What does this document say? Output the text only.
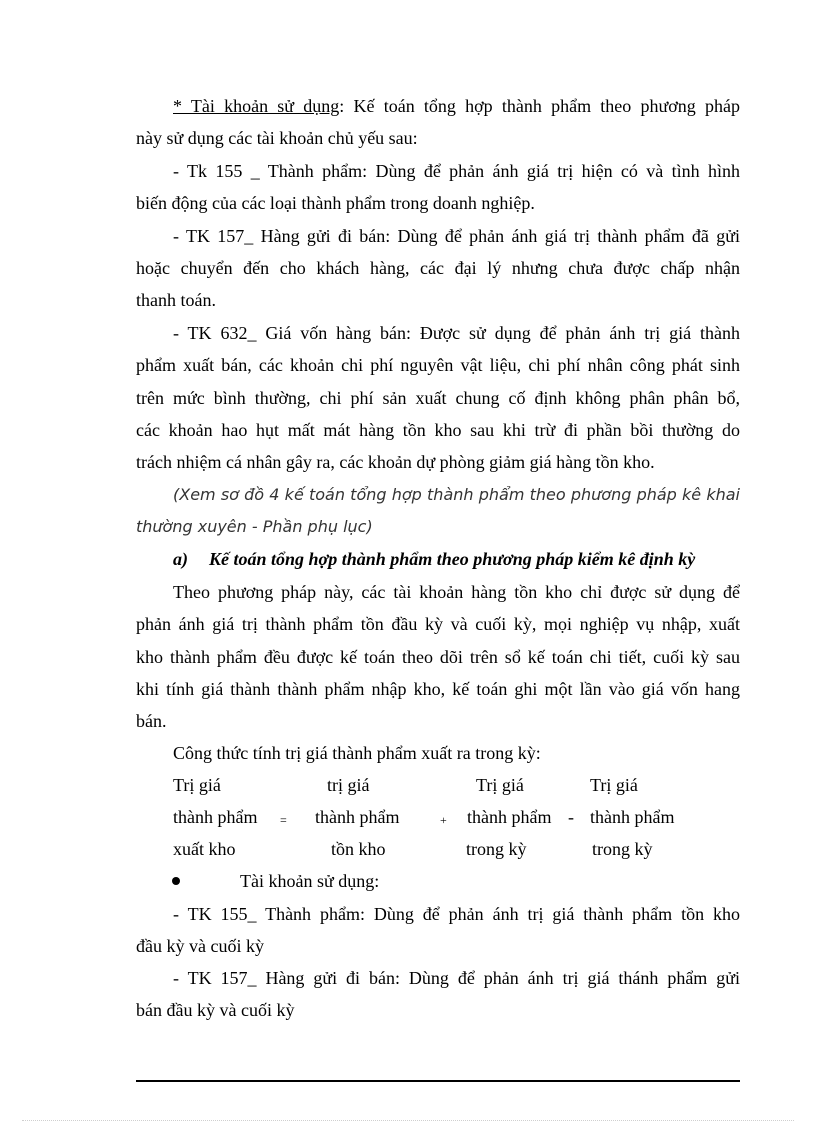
* Tài khoản sử dụng: Kế toán tổng hợp thành phẩm theo phương pháp
này sử dụng các tài khoản chủ yếu sau:
- Tk 155 _ Thành phẩm: Dùng để phản ánh giá trị hiện có và tình hình
biến động của các loại thành phẩm trong doanh nghiệp.
- TK 157_ Hàng gửi đi bán: Dùng để phản ánh giá trị thành phẩm đã gửi
hoặc chuyển đến cho khách hàng, các đại lý nhưng chưa được chấp nhận
thanh toán.
- TK 632_ Giá vốn hàng bán: Được sử dụng để phản ánh trị giá thành
phẩm xuất bán, các khoản chi phí nguyên vật liệu, chi phí nhân công phát sinh
trên mức bình thường, chi phí sản xuất chung cố định không phân phân bổ,
các khoản hao hụt mất mát hàng tồn kho sau khi trừ đi phần bồi thường do
trách nhiệm cá nhân gây ra, các khoản dự phòng giảm giá hàng tồn kho.
(Xem sơ đồ 4 kế toán tổng hợp thành phẩm theo phương pháp kê khai
thường xuyên - Phần phụ lục)
a) Kế toán tổng hợp thành phẩm theo phương pháp kiểm kê định kỳ
Theo phương pháp này, các tài khoản hàng tồn kho chỉ được sử dụng để
phản ánh giá trị thành phẩm tồn đầu kỳ và cuối kỳ, mọi nghiệp vụ nhập, xuất
kho thành phẩm đều được kế toán theo dõi trên sổ kế toán chi tiết, cuối kỳ sau
khi tính giá thành thành phẩm nhập kho, kế toán ghi một lần vào giá vốn hang
bán.
Công thức tính trị giá thành phẩm xuất ra trong kỳ:
Trị giá
thành phẩm
xuất kho
=
trị giá
thành phẩm
tồn kho
+
Trị giá
thành phẩm
trong kỳ
-
Trị giá
thành phẩm
trong kỳ
Tài khoản sử dụng:
- TK 155_ Thành phẩm: Dùng để phản ánh trị giá thành phẩm tồn kho
đầu kỳ và cuối kỳ
- TK 157_ Hàng gửi đi bán: Dùng để phản ánh trị giá thánh phẩm gửi
bán đầu kỳ và cuối kỳ
